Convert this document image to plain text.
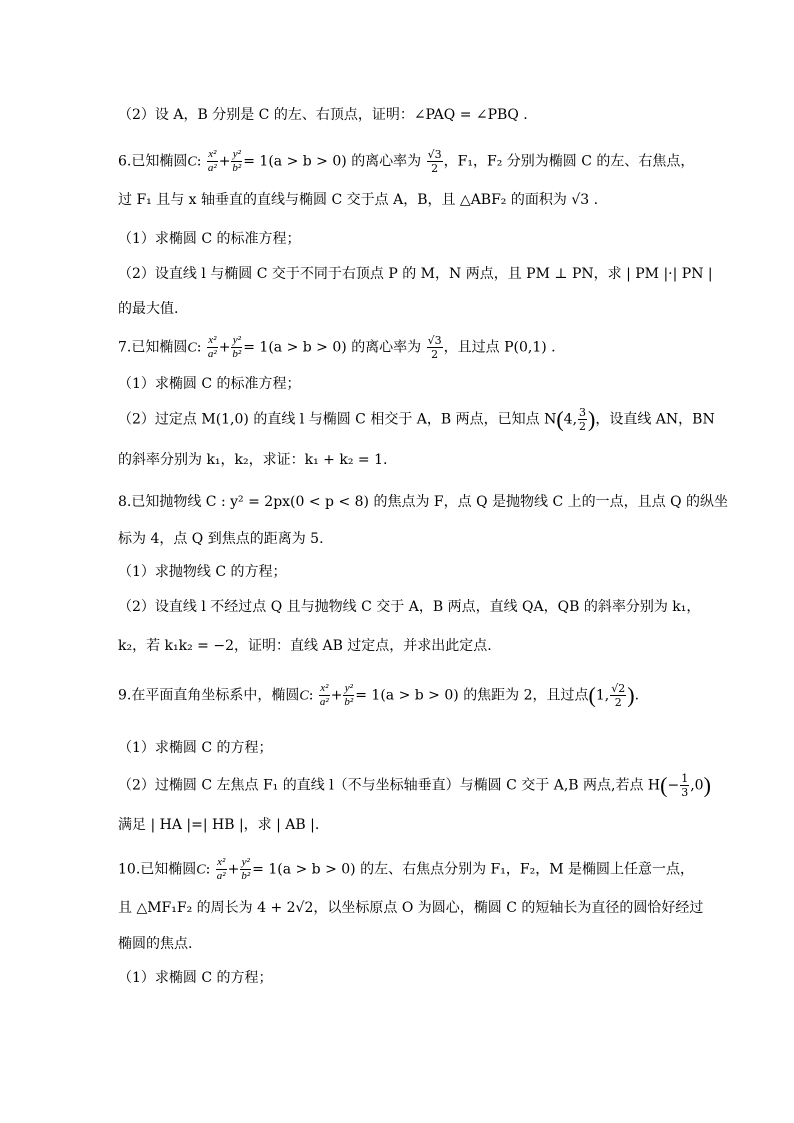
（2）设 A，B 分别是 C 的左、右顶点，证明：∠PAQ = ∠PBQ .
6.已知椭圆C: $\frac{\text{x²}}{\text{a²}} + \frac{\text{y²}}{\text{b²}} = 1(a > b > 0)$ 的离心率为 $\frac{√3}{2}$ ，F₁，F₂ 分别为椭圆 C 的左、右焦点，
过 F₁ 且与 x 轴垂直的直线与椭圆 C 交于点 A，B，且 △ABF₂ 的面积为 √3 .
（1）求椭圆 C 的标准方程；
（2）设直线 l 与椭圆 C 交于不同于右顶点 P 的 M，N 两点，且 PM ⊥ PN，求 | PM |·| PN |
的最大值.
7.已知椭圆C: $\frac{\text{x²}}{\text{a²}} + \frac{\text{y²}}{\text{b²}} = 1(a > b > 0)$ 的离心率为 $\frac{√3}{2}$ ，且过点 P(0,1) .
（1）求椭圆 C 的标准方程；
（2）过定点 M(1,0) 的直线 l 与椭圆 C 相交于 A，B 两点，已知点 N(4, $\frac{3}{2}$ )，设直线 AN，BN
的斜率分别为 k₁，k₂，求证：k₁ + k₂ = 1.
8.已知抛物线 C : y² = 2px(0 < p < 8) 的焦点为 F，点 Q 是抛物线 C 上的一点，且点 Q 的纵坐
标为 4，点 Q 到焦点的距离为 5.
（1）求抛物线 C 的方程；
（2）设直线 l 不经过点 Q 且与抛物线 C 交于 A，B 两点，直线 QA，QB 的斜率分别为 k₁，
k₂，若 k₁k₂ = −2，证明：直线 AB 过定点，并求出此定点.
9.在平面直角坐标系中，椭圆C: $\frac{\text{x²}}{\text{a²}} + \frac{\text{y²}}{\text{b²}} = 1(a > b > 0)$ 的焦距为 2，且过点(1, $\frac{√2}{2}$ ).
（1）求椭圆 C 的方程；
（2）过椭圆 C 左焦点 F₁ 的直线 l（不与坐标轴垂直）与椭圆 C 交于 A,B 两点,若点 $H(- \frac{1}{3} ,0)$
满足 | HA |=| HB |，求 | AB |.
10.已知椭圆C: $\frac{\text{x²}}{\text{a²}} + \frac{\text{y²}}{\text{b²}} = 1(a > b > 0)$ 的左、右焦点分别为 F₁，F₂，M 是椭圆上任意一点，
且 △MF₁F₂ 的周长为 4 + 2√2，以坐标原点 O 为圆心，椭圆 C 的短轴长为直径的圆恰好经过
椭圆的焦点.
（1）求椭圆 C 的方程；
